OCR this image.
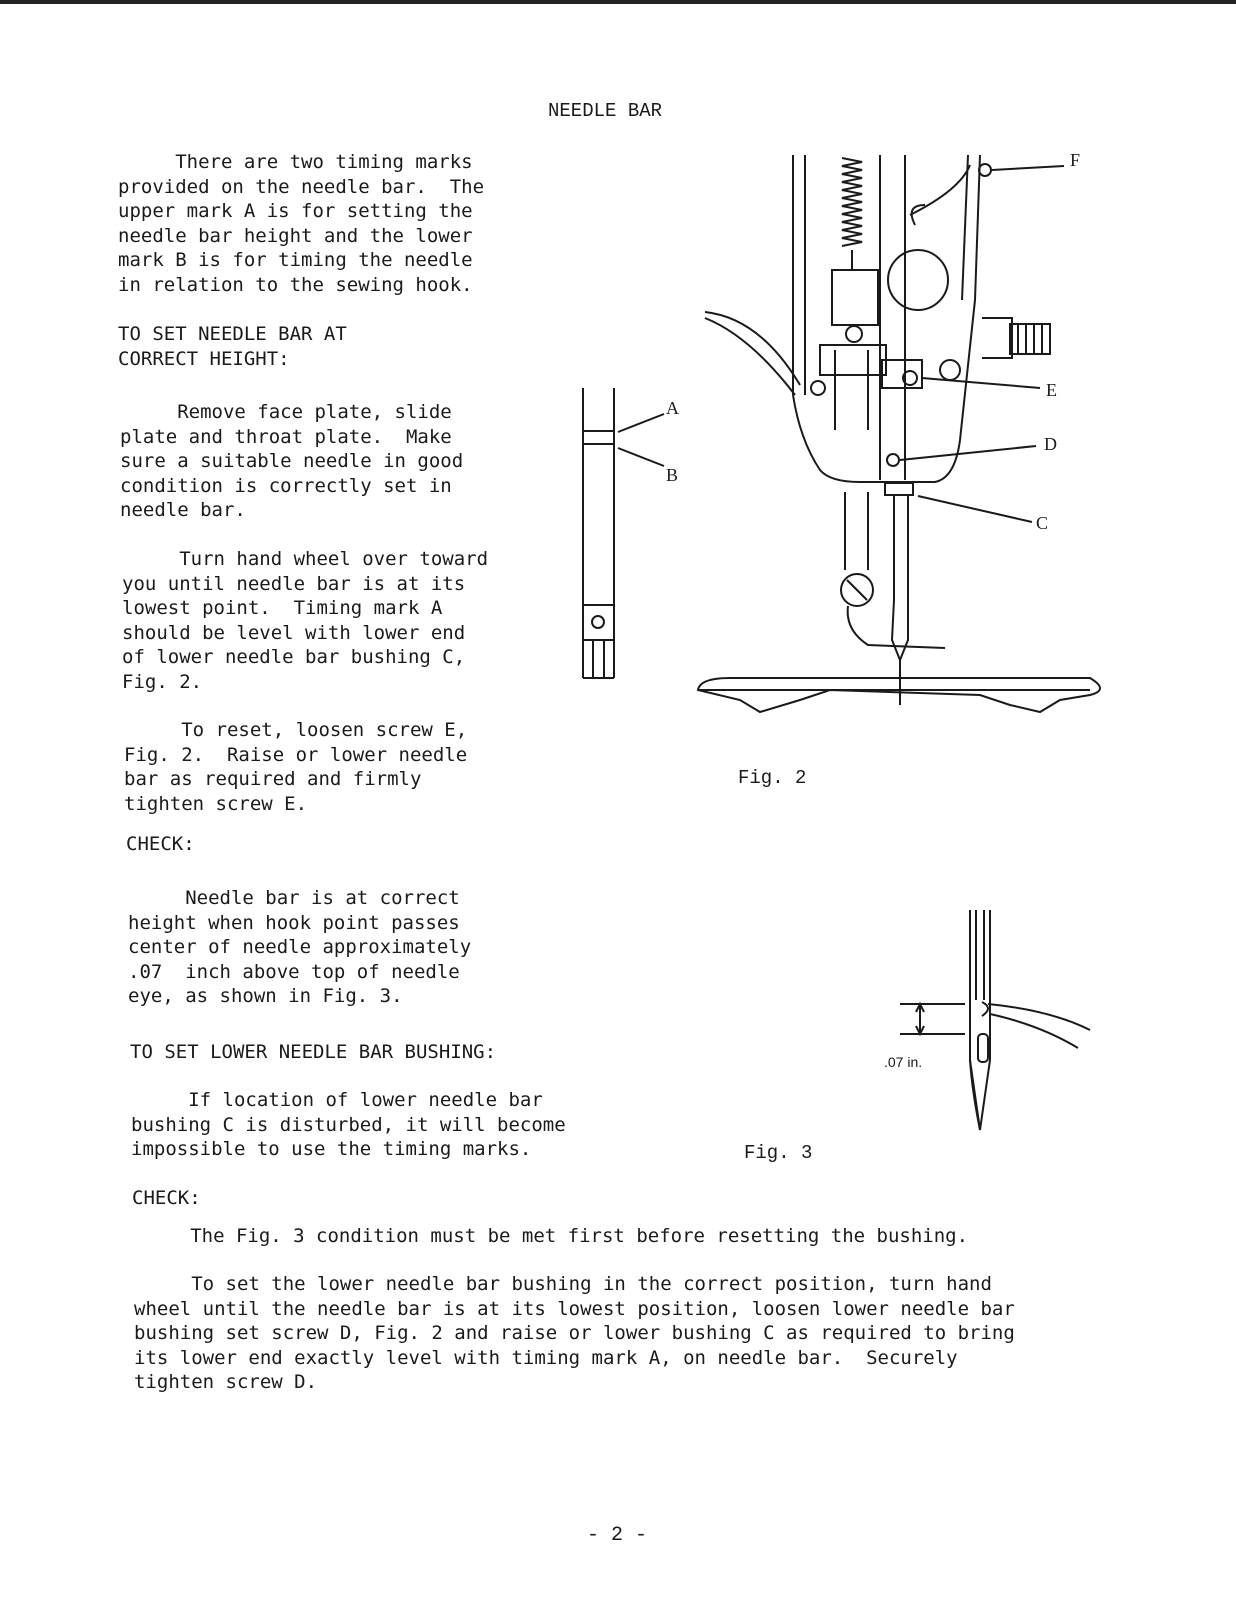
NEEDLE BAR
There are two timing marks
provided on the needle bar.  The
upper mark A is for setting the
needle bar height and the lower
mark B is for timing the needle
in relation to the sewing hook.
TO SET NEEDLE BAR AT
CORRECT HEIGHT:
Remove face plate, slide
plate and throat plate.  Make
sure a suitable needle in good
condition is correctly set in
needle bar.
Turn hand wheel over toward
you until needle bar is at its
lowest point.  Timing mark A
should be level with lower end
of lower needle bar bushing C,
Fig. 2.
To reset, loosen screw E,
Fig. 2.  Raise or lower needle
bar as required and firmly
tighten screw E.
CHECK:
Needle bar is at correct
height when hook point passes
center of needle approximately
.07  inch above top of needle
eye, as shown in Fig. 3.
TO SET LOWER NEEDLE BAR BUSHING:
If location of lower needle bar
bushing C is disturbed, it will become
impossible to use the timing marks.
CHECK:
The Fig. 3 condition must be met first before resetting the bushing.
To set the lower needle bar bushing in the correct position, turn hand
wheel until the needle bar is at its lowest position, loosen lower needle bar
bushing set screw D, Fig. 2 and raise or lower bushing C as required to bring
its lower end exactly level with timing mark A, on needle bar.  Securely
tighten screw D.
A
B
F
E
D
C
Fig. 2
.07 in.
Fig. 3
- 2 -
